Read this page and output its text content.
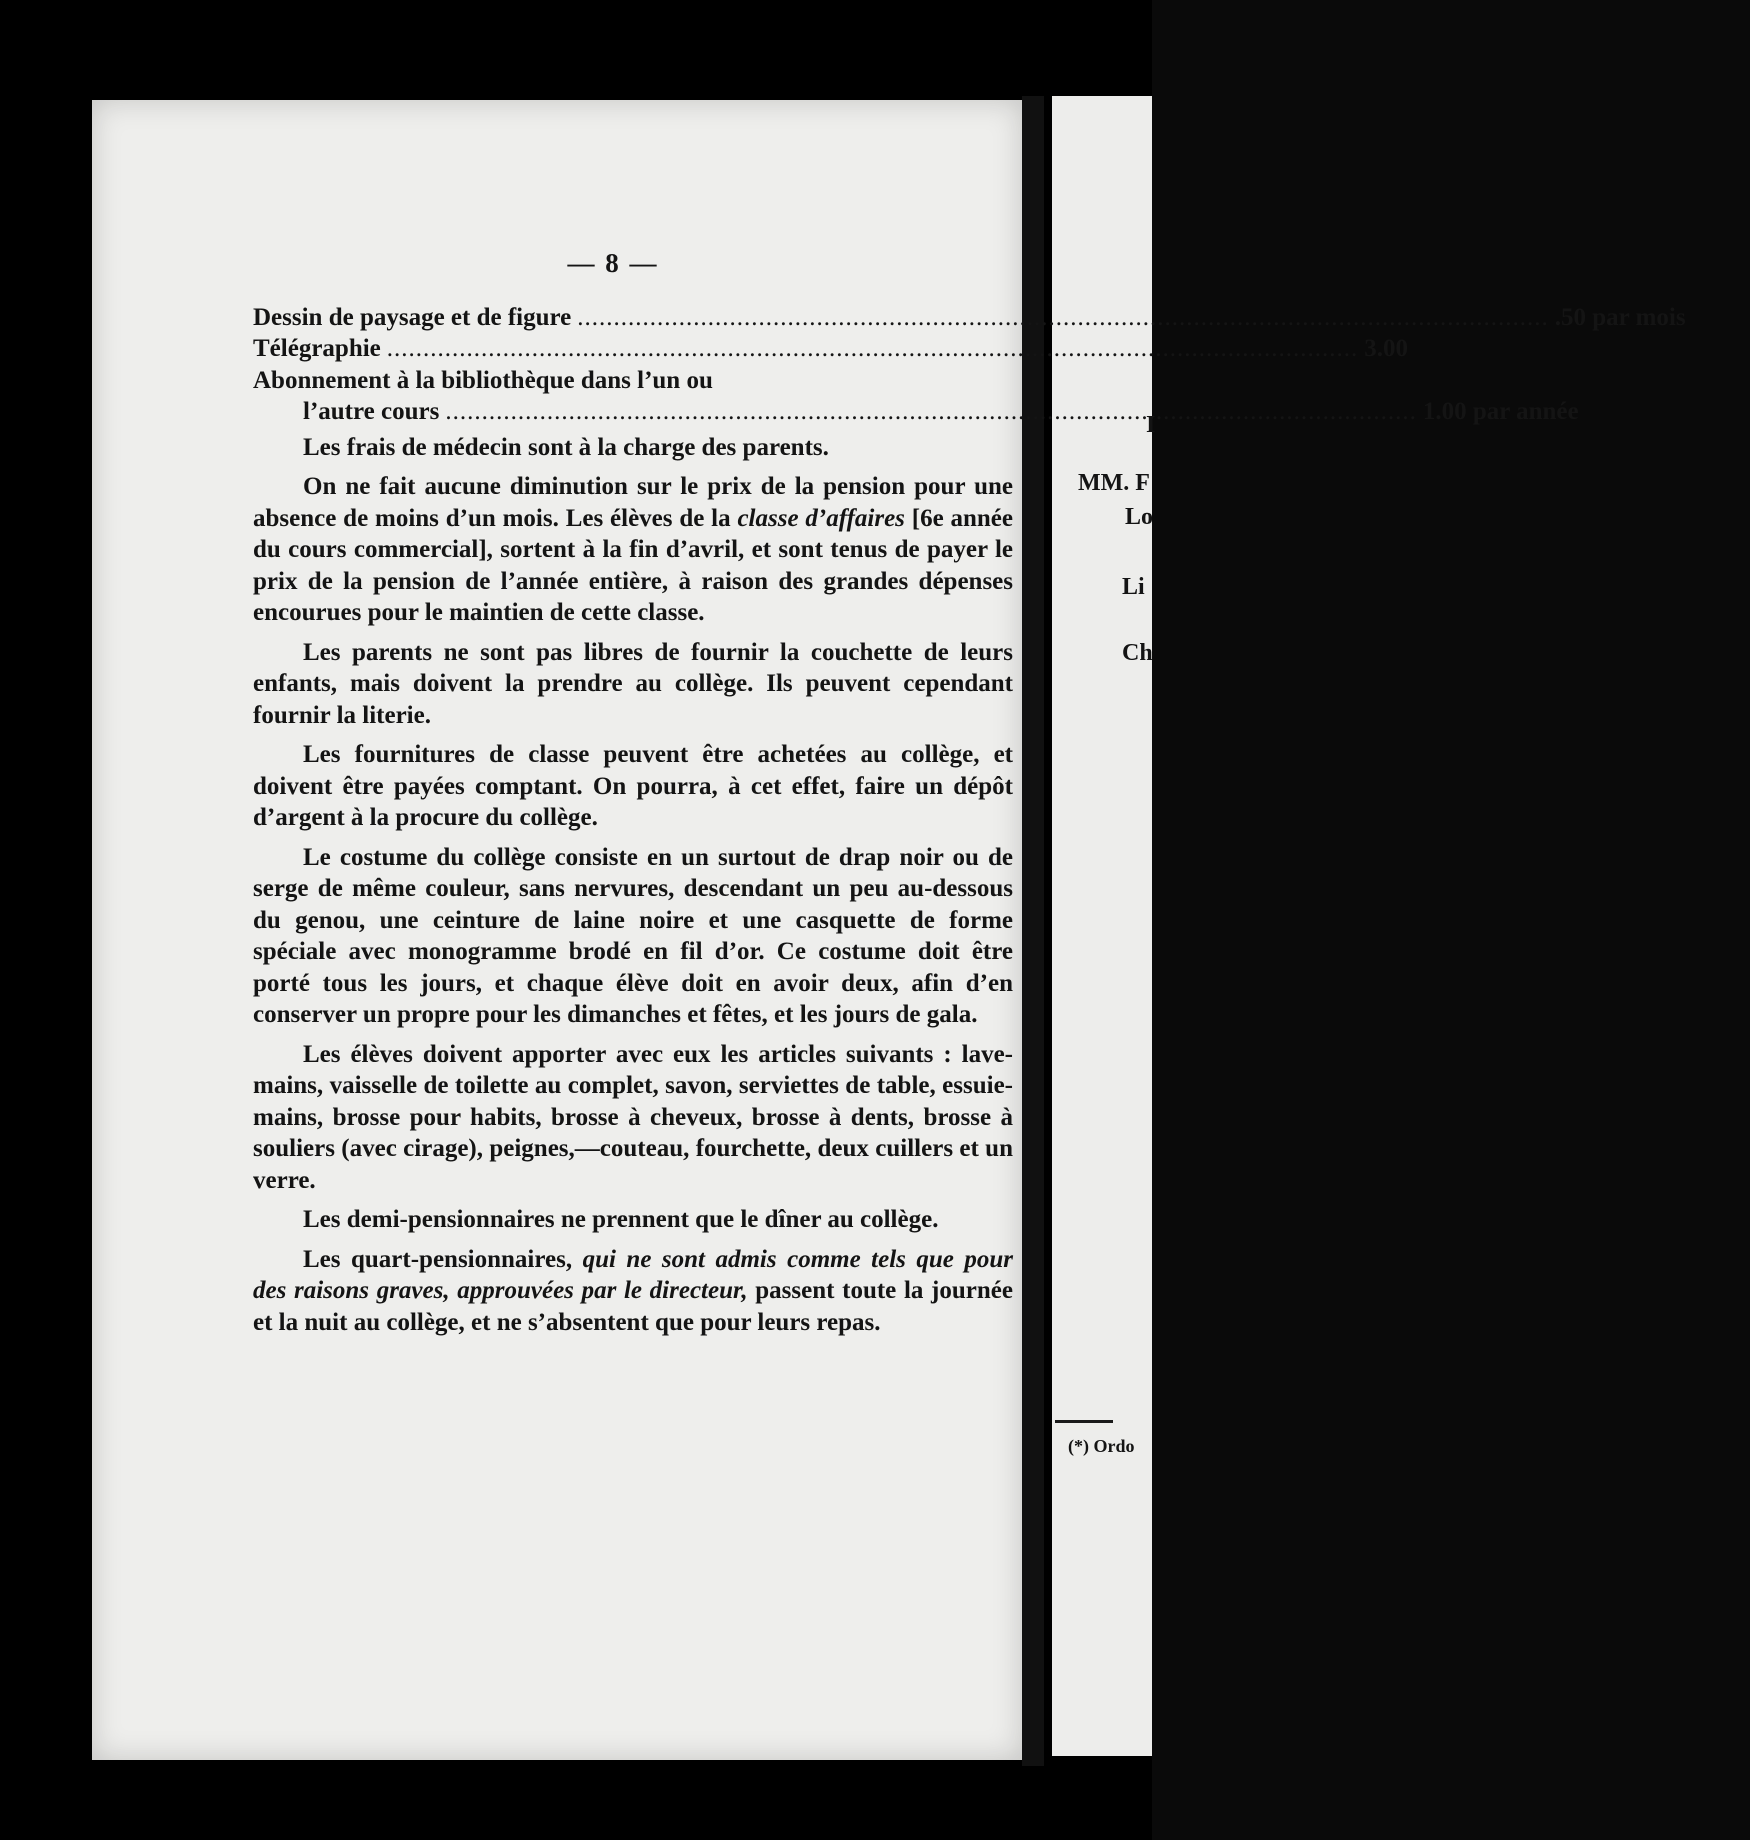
— 8 —
Dessin de paysage et de figure .....	.50 par mois
Télégraphie .....	3.00
Abonnement à la bibliothèque dans l’un ou
l’autre cours .....	1.00 par année

Les frais de médecin sont à la charge des parents.

On ne fait aucune diminution sur le prix de la pension pour une absence de moins d’un mois. Les élèves de la classe d’affaires [6e année du cours commercial], sortent à la fin d’avril, et sont tenus de payer le prix de la pension de l’année entière, à raison des grandes dépenses encourues pour le maintien de cette classe.

Les parents ne sont pas libres de fournir la couchette de leurs enfants, mais doivent la prendre au collège. Ils peuvent cependant fournir la literie.

Les fournitures de classe peuvent être achetées au collège, et doivent être payées comptant. On pourra, à cet effet, faire un dépôt d’argent à la procure du collège.

Le costume du collège consiste en un surtout de drap noir ou de serge de même couleur, sans nervures, descendant un peu au-dessous du genou, une ceinture de laine noire et une casquette de forme spéciale avec monogramme brodé en fil d’or. Ce costume doit être porté tous les jours, et chaque élève doit en avoir deux, afin d’en conserver un propre pour les dimanches et fêtes, et les jours de gala.

Les élèves doivent apporter avec eux les articles suivants : lave-mains, vaisselle de toilette au complet, savon, serviettes de table, essuie-mains, brosse pour habits, brosse à cheveux, brosse à dents, brosse à souliers (avec cirage), peignes,—couteau, fourchette, deux cuillers et un verre.

Les demi-pensionnaires ne prennent que le dîner au collège.

Les quart-pensionnaires, qui ne sont admis comme tels que pour des raisons graves, approuvées par le directeur, passent toute la journée et la nuit au collège, et ne s’absentent que pour leurs repas.

I
MM. F
Lo
Li
Ch
(*) Ordo
